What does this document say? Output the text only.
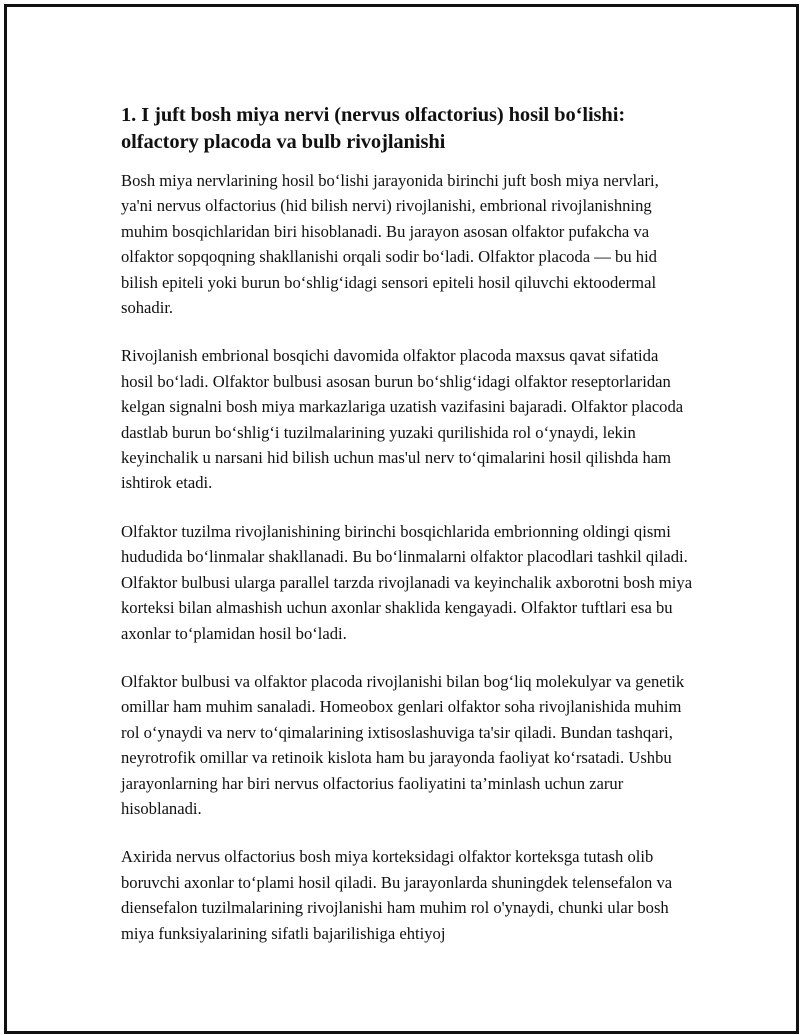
1. I juft bosh miya nervi (nervus olfactorius) hosil bo‘lishi: olfactory placoda va bulb rivojlanishi

Bosh miya nervlarining hosil bo‘lishi jarayonida birinchi juft bosh miya nervlari, ya'ni nervus olfactorius (hid bilish nervi) rivojlanishi, embrional rivojlanishning muhim bosqichlaridan biri hisoblanadi. Bu jarayon asosan olfaktor pufakcha va olfaktor sopqoqning shakllanishi orqali sodir bo‘ladi. Olfaktor placoda — bu hid bilish epiteli yoki burun bo‘shlig‘idagi sensori epiteli hosil qiluvchi ektoodermal sohadir.

Rivojlanish embrional bosqichi davomida olfaktor placoda maxsus qavat sifatida hosil bo‘ladi. Olfaktor bulbusi asosan burun bo‘shlig‘idagi olfaktor reseptorlaridan kelgan signalni bosh miya markazlariga uzatish vazifasini bajaradi. Olfaktor placoda dastlab burun bo‘shlig‘i tuzilmalarining yuzaki qurilishida rol o‘ynaydi, lekin keyinchalik u narsani hid bilish uchun mas'ul nerv to‘qimalarini hosil qilishda ham ishtirok etadi.

Olfaktor tuzilma rivojlanishining birinchi bosqichlarida embrionning oldingi qismi hududida bo‘linmalar shakllanadi. Bu bo‘linmalarni olfaktor placodlari tashkil qiladi. Olfaktor bulbusi ularga parallel tarzda rivojlanadi va keyinchalik axborotni bosh miya korteksi bilan almashish uchun axonlar shaklida kengayadi. Olfaktor tuftlari esa bu axonlar to‘plamidan hosil bo‘ladi.

Olfaktor bulbusi va olfaktor placoda rivojlanishi bilan bog‘liq molekulyar va genetik omillar ham muhim sanaladi. Homeobox genlari olfaktor soha rivojlanishida muhim rol o‘ynaydi va nerv to‘qimalarining ixtisoslashuviga ta'sir qiladi. Bundan tashqari, neyrotrofik omillar va retinoik kislota ham bu jarayonda faoliyat ko‘rsatadi. Ushbu jarayonlarning har biri nervus olfactorius faoliyatini ta’minlash uchun zarur hisoblanadi.

Axirida nervus olfactorius bosh miya korteksidagi olfaktor korteksga tutash olib boruvchi axonlar to‘plami hosil qiladi. Bu jarayonlarda shuningdek telensefalon va diensefalon tuzilmalarining rivojlanishi ham muhim rol o'ynaydi, chunki ular bosh miya funksiyalarining sifatli bajarilishiga ehtiyoj
